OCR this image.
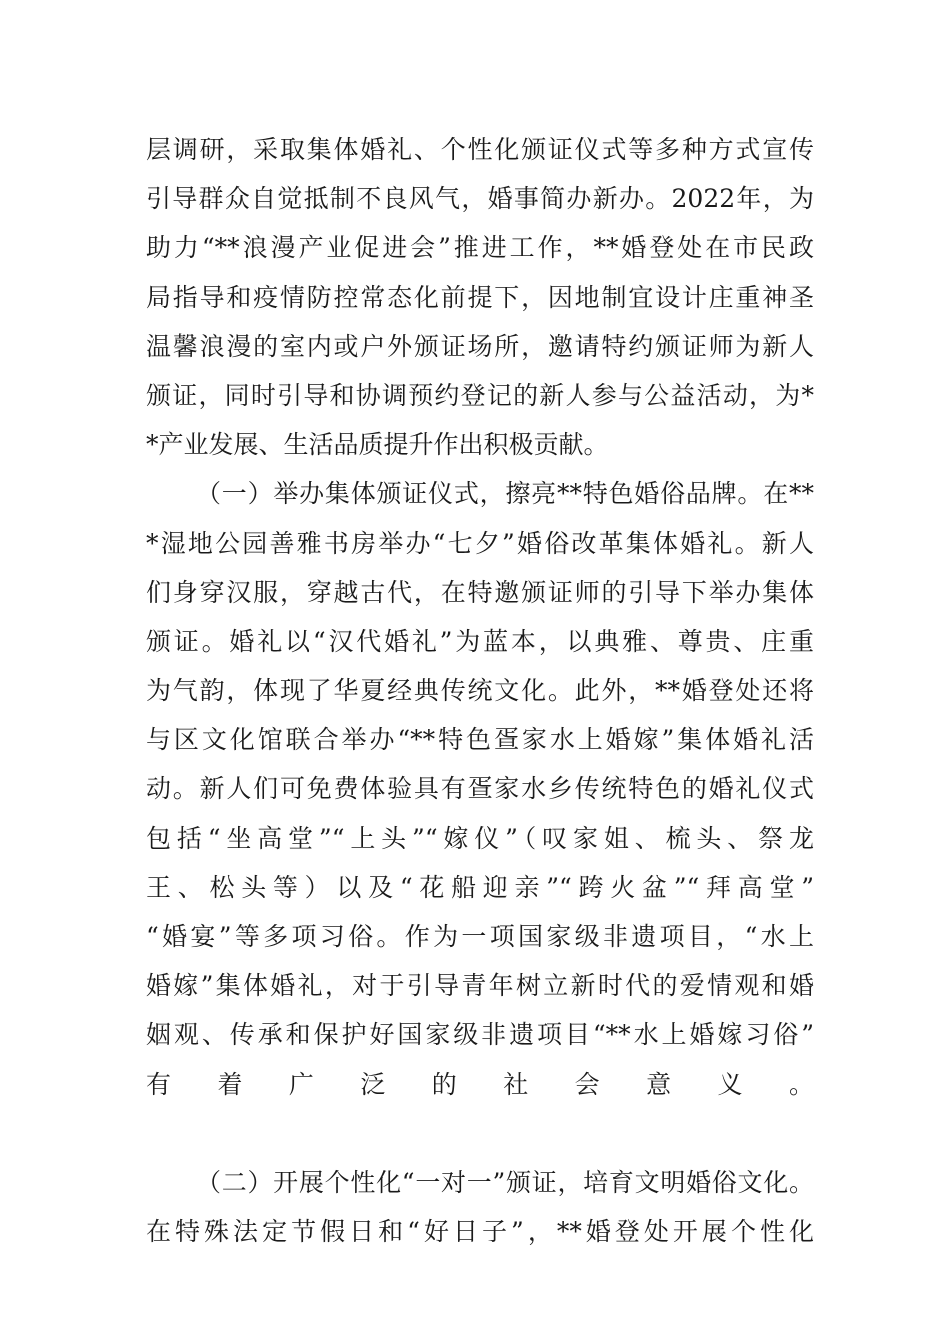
层调研，采取集体婚礼、个性化颁证仪式等多种方式宣传
引导群众自觉抵制不良风气，婚事简办新办。2022年，为
助力“**浪漫产业促进会”推进工作，**婚登处在市民政
局指导和疫情防控常态化前提下，因地制宜设计庄重神圣
温馨浪漫的室内或户外颁证场所，邀请特约颁证师为新人
颁证，同时引导和协调预约登记的新人参与公益活动，为*
*产业发展、生活品质提升作出积极贡献。
（一）举办集体颁证仪式，擦亮**特色婚俗品牌。在**
*湿地公园善雅书房举办“七夕”婚俗改革集体婚礼。新人
们身穿汉服，穿越古代，在特邀颁证师的引导下举办集体
颁证。婚礼以“汉代婚礼”为蓝本，以典雅、尊贵、庄重
为气韵，体现了华夏经典传统文化。此外，**婚登处还将
与区文化馆联合举办“**特色疍家水上婚嫁”集体婚礼活
动。新人们可免费体验具有疍家水乡传统特色的婚礼仪式
包括“坐高堂”“上头”“嫁仪”（叹家姐、梳头、祭龙
王、松头等）以及“花船迎亲”“跨火盆”“拜高堂”
“婚宴”等多项习俗。作为一项国家级非遗项目，“水上
婚嫁”集体婚礼，对于引导青年树立新时代的爱情观和婚
姻观、传承和保护好国家级非遗项目“**水上婚嫁习俗”
有着广泛的社会意义。
（二）开展个性化“一对一”颁证，培育文明婚俗文化。
在特殊法定节假日和“好日子”，**婚登处开展个性化
